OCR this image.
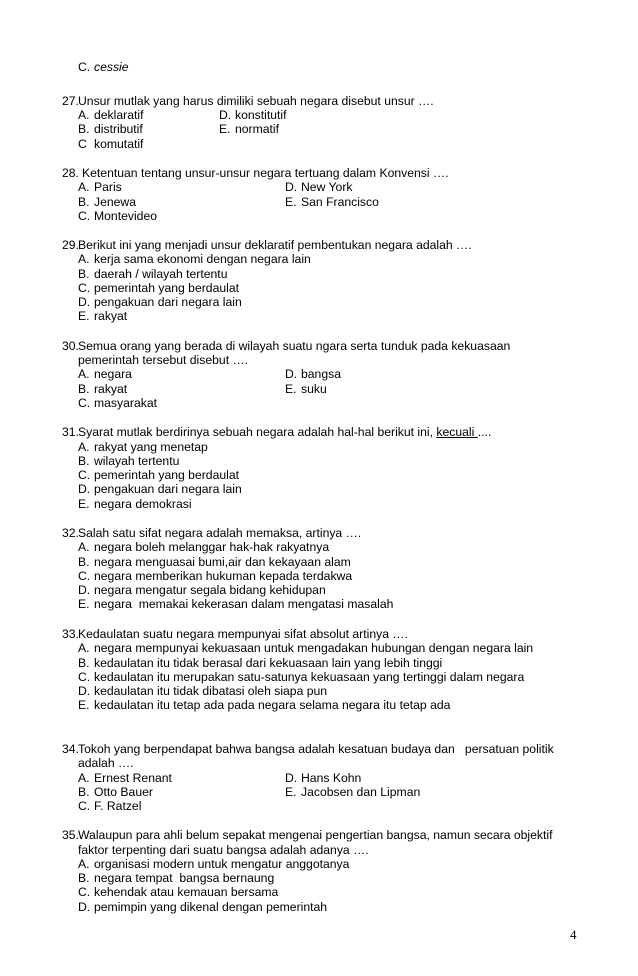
C. cessie
27. Unsur mutlak yang harus dimiliki sebuah negara disebut unsur ….
A. deklaratif	D. konstitutif
B. distributif	E. normatif
C komutatif
28. Ketentuan tentang unsur-unsur negara tertuang dalam Konvensi ….
A. Paris	D. New York
B. Jenewa	E. San Francisco
C. Montevideo
29. Berikut ini yang menjadi unsur deklaratif pembentukan negara adalah ….
A. kerja sama ekonomi dengan negara lain
B. daerah / wilayah tertentu
C. pemerintah yang berdaulat
D. pengakuan dari negara lain
E. rakyat
30. Semua orang yang berada di wilayah suatu ngara serta tunduk pada kekuasaan
pemerintah tersebut disebut ….
A. negara	D. bangsa
B. rakyat	E. suku
C. masyarakat
31. Syarat mutlak berdirinya sebuah negara adalah hal-hal berikut ini, kecuali ....
A. rakyat yang menetap
B. wilayah tertentu
C. pemerintah yang berdaulat
D. pengakuan dari negara lain
E. negara demokrasi
32. Salah satu sifat negara adalah memaksa, artinya ….
A. negara boleh melanggar hak-hak rakyatnya
B. negara menguasai bumi,air dan kekayaan alam
C. negara memberikan hukuman kepada terdakwa
D. negara mengatur segala bidang kehidupan
E. negara  memakai kekerasan dalam mengatasi masalah
33. Kedaulatan suatu negara mempunyai sifat absolut artinya ….
A. negara mempunyai kekuasaan untuk mengadakan hubungan dengan negara lain
B. kedaulatan itu tidak berasal dari kekuasaan lain yang lebih tinggi
C. kedaulatan itu merupakan satu-satunya kekuasaan yang tertinggi dalam negara
D. kedaulatan itu tidak dibatasi oleh siapa pun
E. kedaulatan itu tetap ada pada negara selama negara itu tetap ada
34. Tokoh yang berpendapat bahwa bangsa adalah kesatuan budaya dan   persatuan politik
adalah ….
A. Ernest Renant	D. Hans Kohn
B. Otto Bauer	E. Jacobsen dan Lipman
C. F. Ratzel
35. Walaupun para ahli belum sepakat mengenai pengertian bangsa, namun secara objektif
faktor terpenting dari suatu bangsa adalah adanya ….
A. organisasi modern untuk mengatur anggotanya
B. negara tempat  bangsa bernaung
C. kehendak atau kemauan bersama
D. pemimpin yang dikenal dengan pemerintah
4
